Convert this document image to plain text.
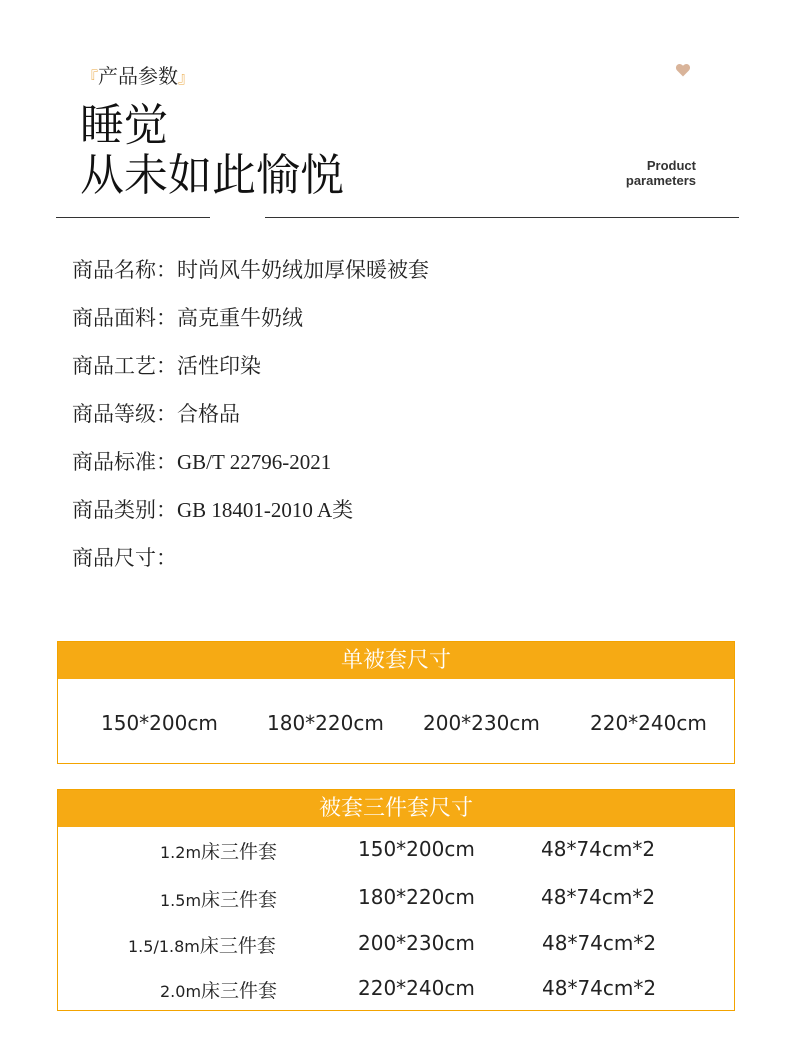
『产品参数』
睡觉
从未如此愉悦	Product
parameters
商品名称：时尚风牛奶绒加厚保暖被套
商品面料：高克重牛奶绒
商品工艺：活性印染
商品等级：合格品
商品标准：GB/T 22796-2021
商品类别：GB 18401-2010 A类
商品尺寸：
单被套尺寸
150*200cm 180*220cm 200*230cm	220*240cm
被套三件套尺寸
1.2m床三件套	150*200cm	48*74cm*2
1.5m床三件套	180*220cm	48*74cm*2
1.5/1.8m床三件套	200*230cm	48*74cm*2
2.0m床三件套	220*240cm	48*74cm*2
